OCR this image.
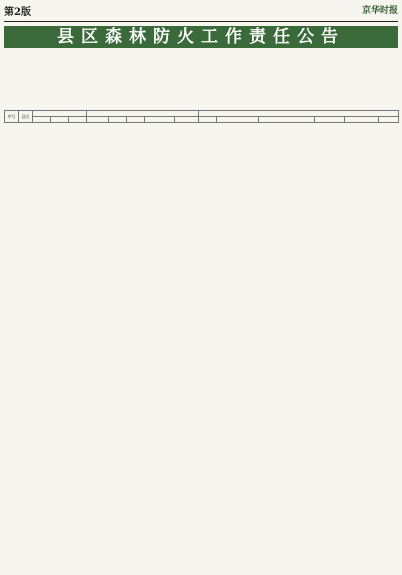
第2版	京华时报
县区森林防火工作责任公告
序号	县区														
